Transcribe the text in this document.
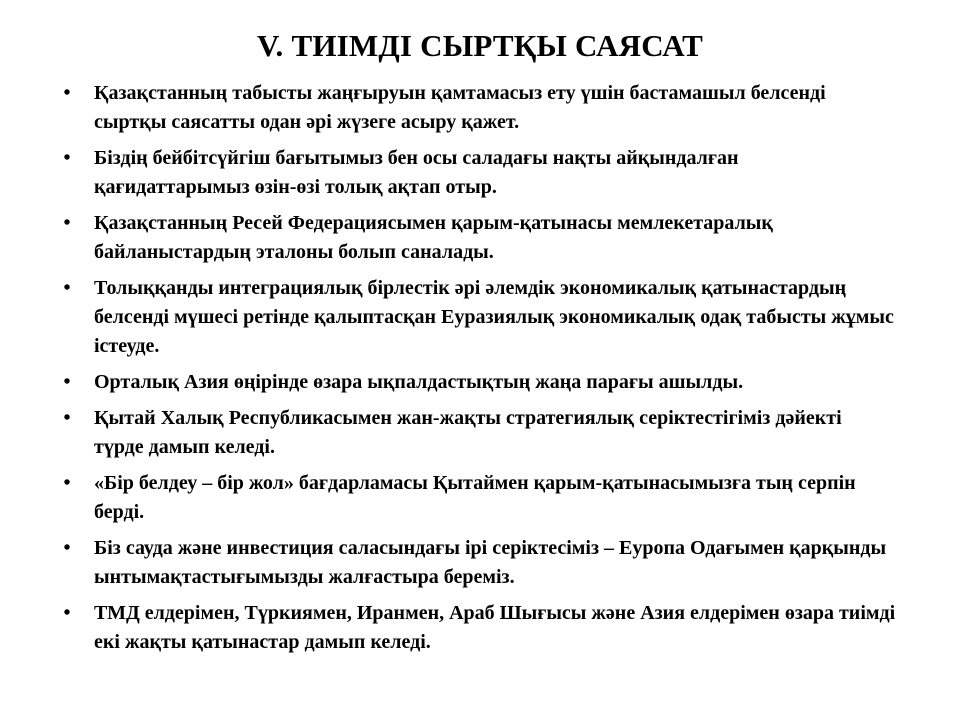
V. ТИІМДІ СЫРТҚЫ САЯСАТ
• Қазақстанның табысты жаңғыруын қамтамасыз ету үшін бастамашыл белсенді сыртқы саясатты одан әрі жүзеге асыру қажет.
• Біздің бейбітсүйгіш бағытымыз бен осы саладағы нақты айқындалған қағидаттарымыз өзін-өзі толық ақтап отыр.
• Қазақстанның Ресей Федерациясымен қарым-қатынасы мемлекетаралық байланыстардың эталоны болып саналады.
• Толыққанды интеграциялық бірлестік әрі әлемдік экономикалық қатынастардың белсенді мүшесі ретінде қалыптасқан Еуразиялық экономикалық одақ табысты жұмыс істеуде.
• Орталық Азия өңірінде өзара ықпалдастықтың жаңа парағы ашылды.
• Қытай Халық Республикасымен жан-жақты стратегиялық серіктестігіміз дәйекті түрде дамып келеді.
• «Бір белдеу – бір жол» бағдарламасы Қытаймен қарым-қатынасымызға тың серпін берді.
• Біз сауда және инвестиция саласындағы ірі серіктесіміз – Еуропа Одағымен қарқынды ынтымақтастығымызды жалғастыра береміз.
• ТМД елдерімен, Түркиямен, Иранмен, Араб Шығысы және Азия елдерімен өзара тиімді екі жақты қатынастар дамып келеді.
